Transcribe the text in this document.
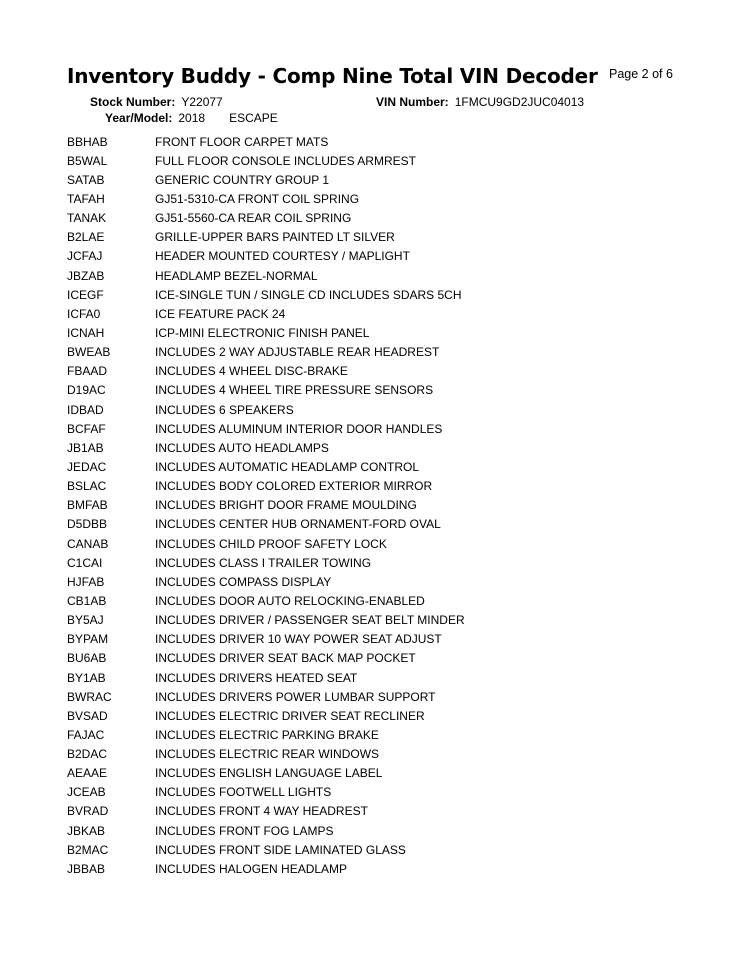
Inventory Buddy - Comp Nine Total VIN Decoder Page 2 of 6
Stock Number: Y22077	VIN Number: 1FMCU9GD2JUC04013
Year/Model: 2018 ESCAPE
BBHAB	FRONT FLOOR CARPET MATS
B5WAL	FULL FLOOR CONSOLE INCLUDES ARMREST
SATAB	GENERIC COUNTRY GROUP 1
TAFAH	GJ51-5310-CA FRONT COIL SPRING
TANAK	GJ51-5560-CA REAR COIL SPRING
B2LAE	GRILLE-UPPER BARS PAINTED LT SILVER
JCFAJ	HEADER MOUNTED COURTESY / MAPLIGHT
JBZAB	HEADLAMP BEZEL-NORMAL
ICEGF	ICE-SINGLE TUN / SINGLE CD INCLUDES SDARS 5CH
ICFA0	ICE FEATURE PACK 24
ICNAH	ICP-MINI ELECTRONIC FINISH PANEL
BWEAB	INCLUDES 2 WAY ADJUSTABLE REAR HEADREST
FBAAD	INCLUDES 4 WHEEL DISC-BRAKE
D19AC	INCLUDES 4 WHEEL TIRE PRESSURE SENSORS
IDBAD	INCLUDES 6 SPEAKERS
BCFAF	INCLUDES ALUMINUM INTERIOR DOOR HANDLES
JB1AB	INCLUDES AUTO HEADLAMPS
JEDAC	INCLUDES AUTOMATIC HEADLAMP CONTROL
BSLAC	INCLUDES BODY COLORED EXTERIOR MIRROR
BMFAB	INCLUDES BRIGHT DOOR FRAME MOULDING
D5DBB	INCLUDES CENTER HUB ORNAMENT-FORD OVAL
CANAB	INCLUDES CHILD PROOF SAFETY LOCK
C1CAI	INCLUDES CLASS I TRAILER TOWING
HJFAB	INCLUDES COMPASS DISPLAY
CB1AB	INCLUDES DOOR AUTO RELOCKING-ENABLED
BY5AJ	INCLUDES DRIVER / PASSENGER SEAT BELT MINDER
BYPAM	INCLUDES DRIVER 10 WAY POWER SEAT ADJUST
BU6AB	INCLUDES DRIVER SEAT BACK MAP POCKET
BY1AB	INCLUDES DRIVERS HEATED SEAT
BWRAC	INCLUDES DRIVERS POWER LUMBAR SUPPORT
BVSAD	INCLUDES ELECTRIC DRIVER SEAT RECLINER
FAJAC	INCLUDES ELECTRIC PARKING BRAKE
B2DAC	INCLUDES ELECTRIC REAR WINDOWS
AEAAE	INCLUDES ENGLISH LANGUAGE LABEL
JCEAB	INCLUDES FOOTWELL LIGHTS
BVRAD	INCLUDES FRONT 4 WAY HEADREST
JBKAB	INCLUDES FRONT FOG LAMPS
B2MAC	INCLUDES FRONT SIDE LAMINATED GLASS
JBBAB	INCLUDES HALOGEN HEADLAMP
